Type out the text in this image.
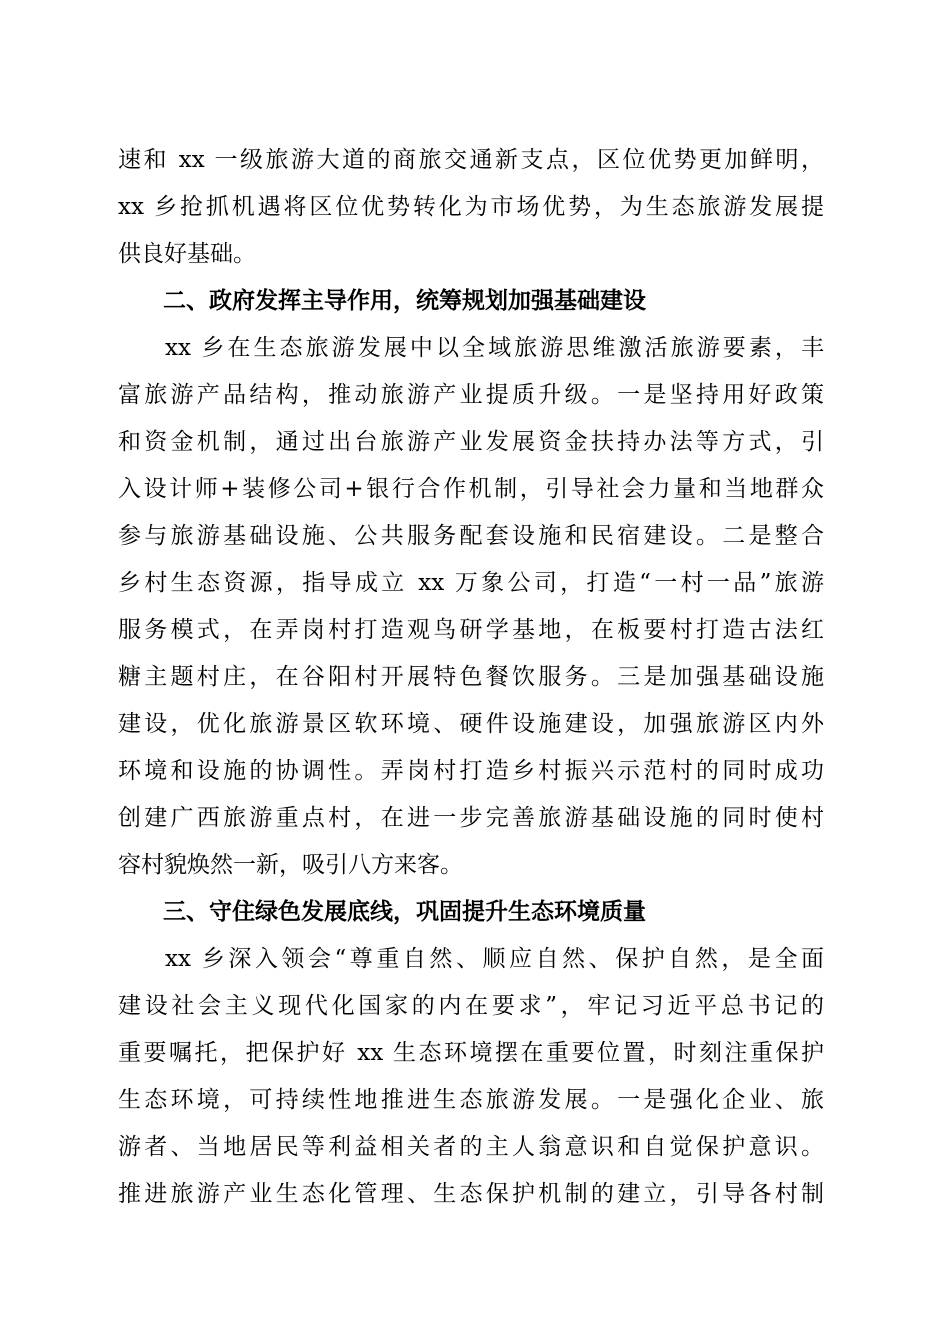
速和 xx 一级旅游大道的商旅交通新支点，区位优势更加鲜明，
xx 乡抢抓机遇将区位优势转化为市场优势，为生态旅游发展提
供良好基础。
二、政府发挥主导作用，统筹规划加强基础建设
xx 乡在生态旅游发展中以全域旅游思维激活旅游要素，丰
富旅游产品结构，推动旅游产业提质升级。一是坚持用好政策
和资金机制，通过出台旅游产业发展资金扶持办法等方式，引
入设计师+装修公司+银行合作机制，引导社会力量和当地群众
参与旅游基础设施、公共服务配套设施和民宿建设。二是整合
乡村生态资源，指导成立 xx 万象公司，打造“一村一品”旅游
服务模式，在弄岗村打造观鸟研学基地，在板要村打造古法红
糖主题村庄，在谷阳村开展特色餐饮服务。三是加强基础设施
建设，优化旅游景区软环境、硬件设施建设，加强旅游区内外
环境和设施的协调性。弄岗村打造乡村振兴示范村的同时成功
创建广西旅游重点村，在进一步完善旅游基础设施的同时使村
容村貌焕然一新，吸引八方来客。
三、守住绿色发展底线，巩固提升生态环境质量
xx 乡深入领会“尊重自然、顺应自然、保护自然，是全面
建设社会主义现代化国家的内在要求”，牢记习近平总书记的
重要嘱托，把保护好 xx 生态环境摆在重要位置，时刻注重保护
生态环境，可持续性地推进生态旅游发展。一是强化企业、旅
游者、当地居民等利益相关者的主人翁意识和自觉保护意识。
推进旅游产业生态化管理、生态保护机制的建立，引导各村制
